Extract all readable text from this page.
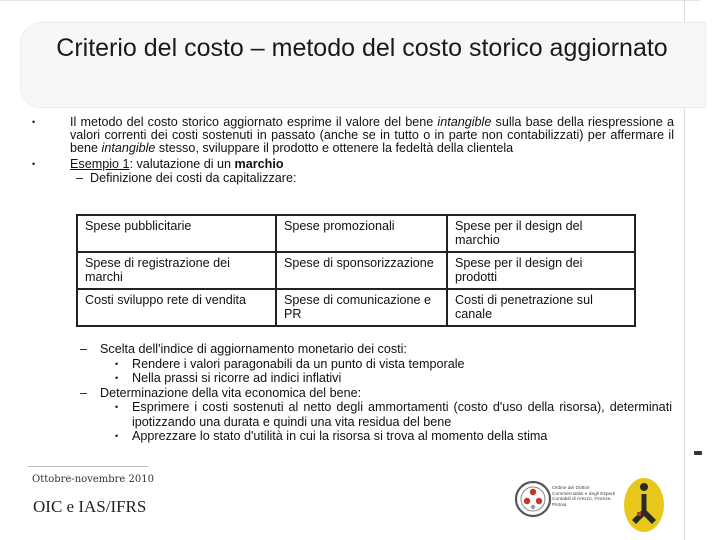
Criterio del costo – metodo del costo storico aggiornato
•	Il metodo del costo storico aggiornato esprime il valore del bene intangible sulla base della riespressione a valori correnti dei costi sostenuti in passato (anche se in tutto o in parte non contabilizzati) per affermare il bene intangible stesso, sviluppare il prodotto e ottenere la fedeltà della clientela
•	Esempio 1: valutazione di un marchio
– Definizione dei costi da capitalizzare:
Spese pubblicitarie	Spese promozionali	Spese per il design del marchio
Spese di registrazione dei marchi	Spese di sponsorizzazione	Spese per il design dei prodotti
Costi sviluppo rete di vendita	Spese di comunicazione e PR	Costi di penetrazione sul canale
– Scelta dell'indice di aggiornamento monetario dei costi:
• Rendere i valori paragonabili da un punto di vista temporale
• Nella prassi si ricorre ad indici inflativi
– Determinazione della vita economica del bene:
• Esprimere i costi sostenuti al netto degli ammortamenti (costo d'uso della risorsa), determinati ipotizzando una durata e quindi una vita residua del bene
• Apprezzare lo stato d'utilità in cui la risorsa si trova al momento della stima
Ottobre-novembre 2010
OIC e IAS/IFRS
Ordine dei Dottori Commercialisti e degli Esperti Contabili di Arezzo, Firenze, Pistoia
